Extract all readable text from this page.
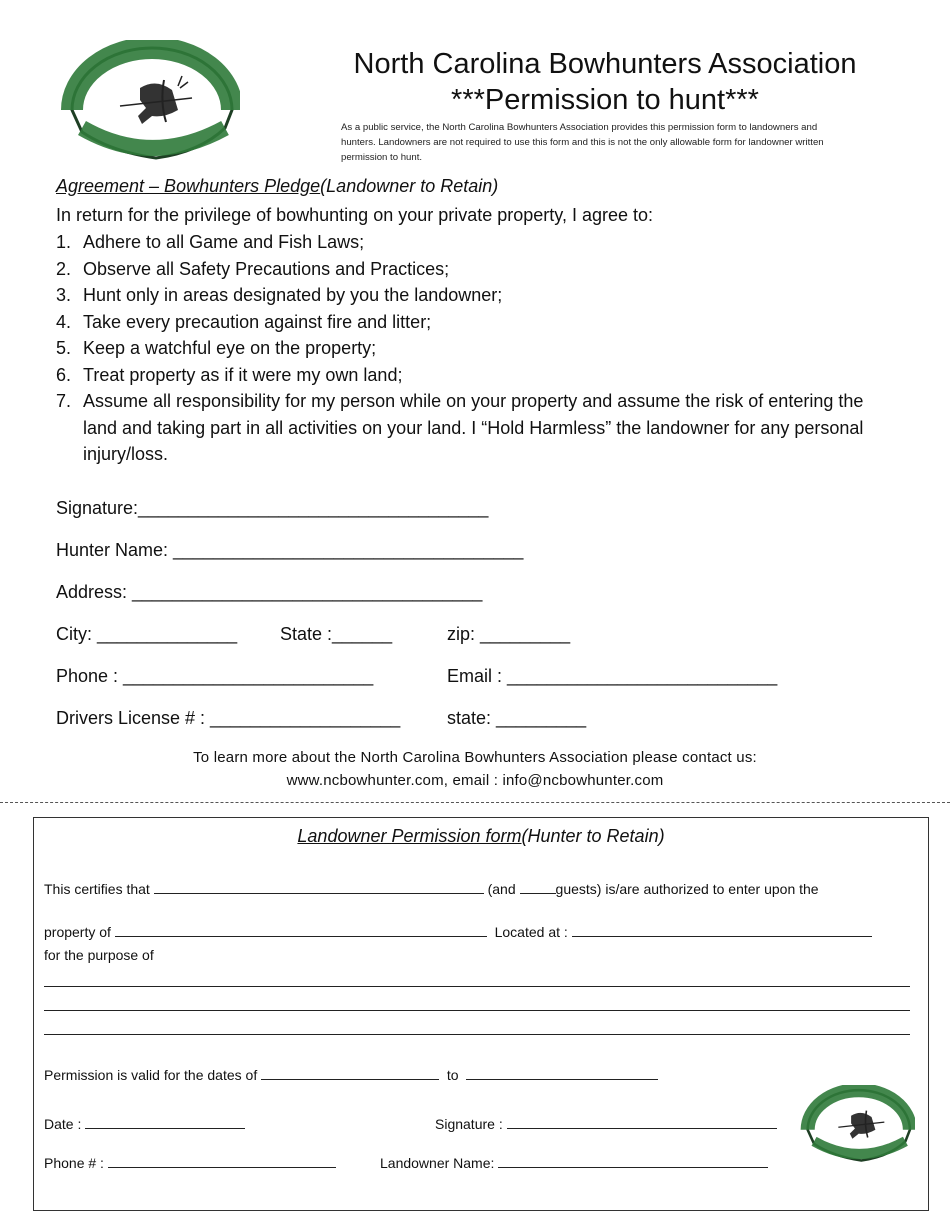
North Carolina Bowhunters Association
***Permission to hunt***
As a public service, the North Carolina Bowhunters Association provides this permission form to landowners and hunters. Landowners are not required to use this form and this is not the only allowable form for landowner written permission to hunt.
Agreement – Bowhunters Pledge(Landowner to Retain)
In return for the privilege of bowhunting on your private property, I agree to:
1. Adhere to all Game and Fish Laws;
2. Observe all Safety Precautions and Practices;
3. Hunt only in areas designated by you the landowner;
4. Take every precaution against fire and litter;
5. Keep a watchful eye on the property;
6. Treat property as if it were my own land;
7. Assume all responsibility for my person while on your property and assume the risk of entering the land and taking part in all activities on your land. I “Hold Harmless” the landowner for any personal injury/loss.
Signature:___________________________________
Hunter Name: ___________________________________
Address: ___________________________________
City: ______________ State :______	zip: _________
Phone : _________________________	Email : ___________________________
Drivers License # : ___________________	state: _________
To learn more about the North Carolina Bowhunters Association please contact us:
www.ncbowhunter.com, email : info@ncbowhunter.com
Landowner Permission form(Hunter to Retain)
This certifies that	(and	guests) is/are authorized to enter upon the
property of	Located at :
for the purpose of
Permission is valid for the dates of	to
Date :	Signature :
Phone # :	Landowner Name:
